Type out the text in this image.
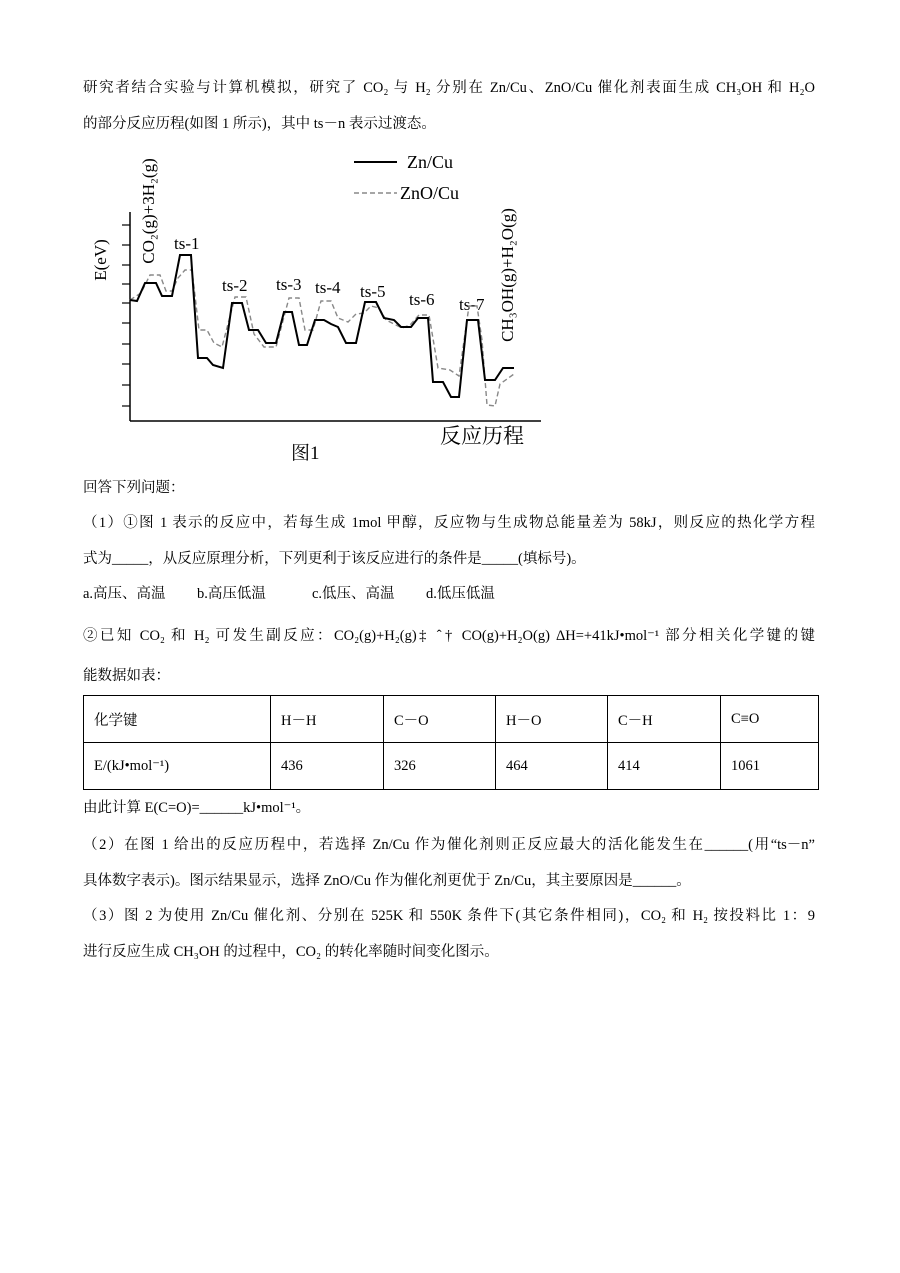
研究者结合实验与计算机模拟，研究了 CO₂ 与 H₂ 分别在 Zn/Cu、ZnO/Cu 催化剂表面生成 CH₃OH 和 H₂O
的部分反应历程(如图 1 所示)，其中 ts－n 表示过渡态。
E(eV)
Zn/Cu
ZnO/Cu
CO₂(g)+3H₂(g)	CH₃OH(g)+H₂O(g)
ts-1
ts-2 ts-3 ts-4 ts-5 ts-6 ts-7
反应历程
图1
回答下列问题：
（1）①图 1 表示的反应中，若每生成 1mol 甲醇，反应物与生成物总能量差为 58kJ，则反应的热化学方程
式为_____，从反应原理分析，下列更利于该反应进行的条件是_____(填标号)。
a.高压、高温 b.高压低温	c.低压、高温 d.低压低温
②已知 CO₂ 和 H₂ 可发生副反应：CO₂(g)+H₂(g)‡ ˆ† CO(g)+H₂O(g) ΔH=+41kJ•mol⁻¹ 部分相关化学键的键
能数据如表：
化学键	H－H	C－O	H－O	C－H	C≡O
E/(kJ•mol⁻¹)	436	326	464	414	1061
由此计算 E(C=O)=______kJ•mol⁻¹。
（2）在图 1 给出的反应历程中，若选择 Zn/Cu 作为催化剂则正反应最大的活化能发生在______(用“ts－n”
具体数字表示)。图示结果显示，选择 ZnO/Cu 作为催化剂更优于 Zn/Cu，其主要原因是______。
（3）图 2 为使用 Zn/Cu 催化剂、分别在 525K 和 550K 条件下(其它条件相同)，CO₂ 和 H₂ 按投料比 1：9
进行反应生成 CH₃OH 的过程中，CO₂ 的转化率随时间变化图示。
